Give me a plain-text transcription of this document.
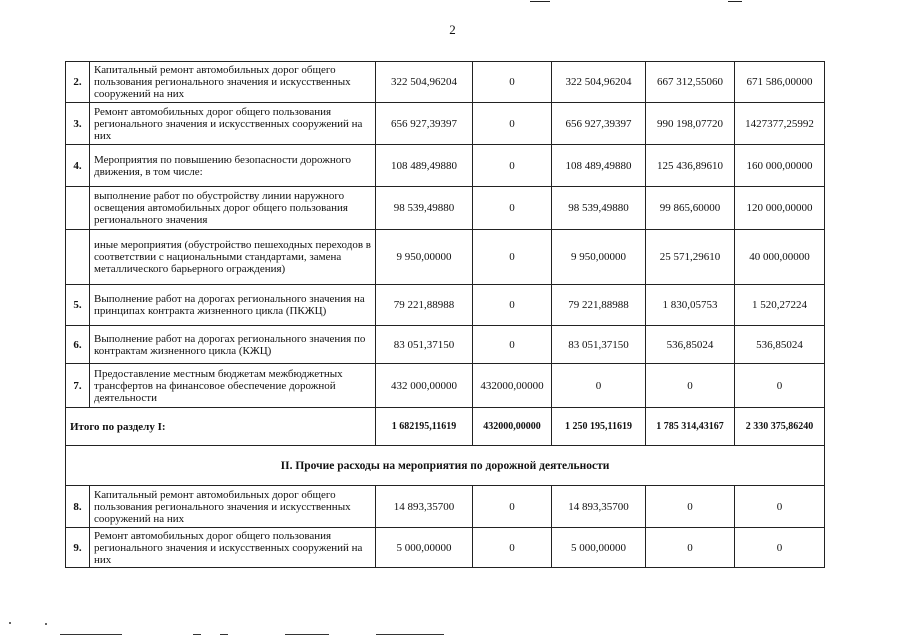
2
2.	Капитальный ремонт автомобильных дорог общего пользования регионального значения и искусственных сооружений на них	322 504,96204	0	322 504,96204	667 312,55060	671 586,00000
3.	Ремонт автомобильных дорог общего пользования регионального значения и искусственных сооружений на них	656 927,39397	0	656 927,39397	990 198,07720	1427377,25992
4.	Мероприятия по повышению безопасности дорожного движения, в том числе:	108 489,49880	0	108 489,49880	125 436,89610	160 000,00000
	выполнение работ по обустройству линии наружного освещения автомобильных дорог общего пользования регионального значения	98 539,49880	0	98 539,49880	99 865,60000	120 000,00000
	иные мероприятия (обустройство пешеходных переходов в соответствии с национальными стандартами, замена металлического барьерного ограждения)	9 950,00000	0	9 950,00000	25 571,29610	40 000,00000
5.	Выполнение работ на дорогах регионального значения на принципах контракта жизненного цикла (ПКЖЦ)	79 221,88988	0	79 221,88988	1 830,05753	1 520,27224
6.	Выполнение работ на дорогах регионального значения по контрактам жизненного цикла (КЖЦ)	83 051,37150	0	83 051,37150	536,85024	536,85024
7.	Предоставление местным бюджетам межбюджетных трансфертов на финансовое обеспечение дорожной деятельности	432 000,00000	432000,00000	0	0	0
Итого по разделу I:		1 682195,11619	432000,00000	1 250 195,11619	1 785 314,43167	2 330 375,86240
II. Прочие расходы на мероприятия по дорожной деятельности						
8.	Капитальный ремонт автомобильных дорог общего пользования регионального значения и искусственных сооружений на них	14 893,35700	0	14 893,35700	0	0
9.	Ремонт автомобильных дорог общего пользования регионального значения и искусственных сооружений на них	5 000,00000	0	5 000,00000	0	0
